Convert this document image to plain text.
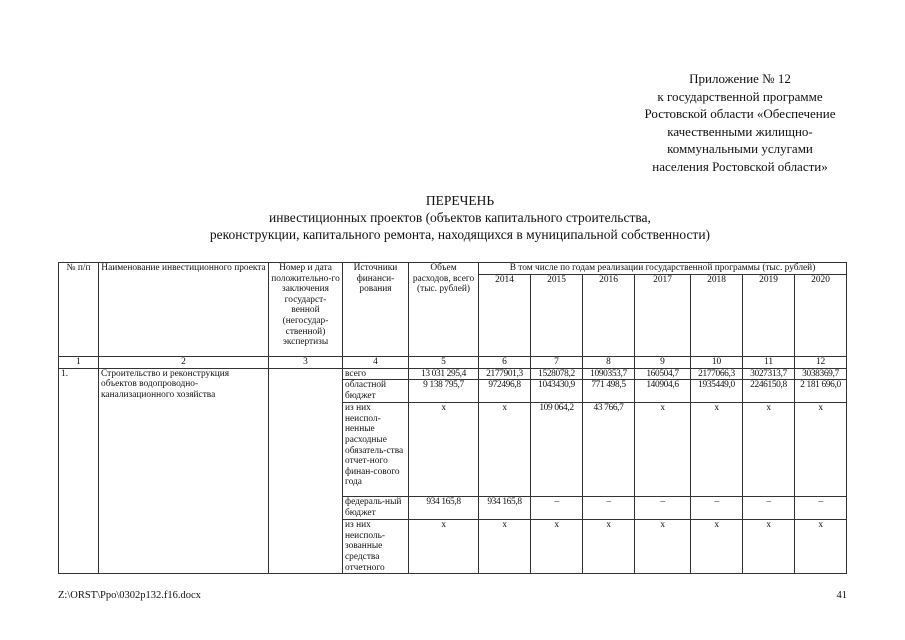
Приложение № 12
к государственной программе
Ростовской области «Обеспечение
качественными жилищно-
коммунальными услугами
населения Ростовской области»
ПЕРЕЧЕНЬ
инвестиционных проектов (объектов капитального строительства,
реконструкции, капитального ремонта, находящихся в муниципальной собственности)
№ п/п	Наименование инвестиционного проекта	Номер и дата положительно-го заключения государст-венной (негосудар-ственной) экспертизы	Источники финанси-рования	Объем расходов, всего (тыс. рублей)	В том числе по годам реализации государственной программы (тыс. рублей)						
					2014	2015	2016	2017	2018	2019	2020
1	2	3	4	5	6	7	8	9	10	11	12
1.	Строительство и реконструкция объектов водопроводно-канализационного хозяйства		всего	13 031 295,4	2177901,3	1528078,2	1090353,7	160504,7	2177066,3	3027313,7	3038369,7
			областной бюджет	9 138 795,7	972496,8	1043430,9	771 498,5	140904,6	1935449,0	2246150,8	2 181 696,0
			из них неиспол-ненные расходные обязатель-ства отчет-ного финан-сового года	х	х	109 064,2	43 766,7	х	х	х	х
			федераль-ный бюджет	934 165,8	934 165,8	–	–	–	–	–	–
			из них неисполь-зованные средства отчетного	х	х	х	х	х	х	х	х
Z:\ORST\Ppo\0302p132.f16.docx	41
